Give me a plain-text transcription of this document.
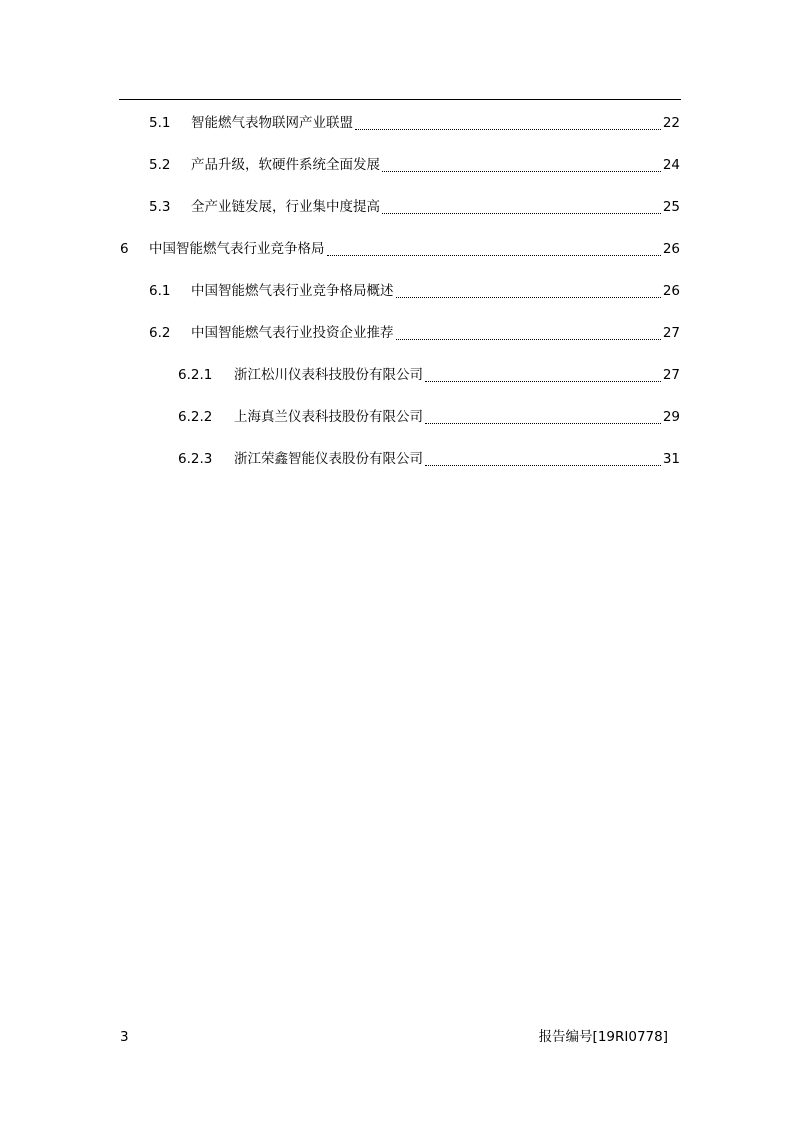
5.1	智能燃气表物联网产业联盟	22
5.2	产品升级，软硬件系统全面发展	24
5.3	全产业链发展，行业集中度提高	25
6	中国智能燃气表行业竞争格局	26
6.1	中国智能燃气表行业竞争格局概述	26
6.2	中国智能燃气表行业投资企业推荐	27
6.2.1	浙江松川仪表科技股份有限公司	27
6.2.2	上海真兰仪表科技股份有限公司	29
6.2.3	浙江荣鑫智能仪表股份有限公司	31
3	报告编号[19RI0778]
